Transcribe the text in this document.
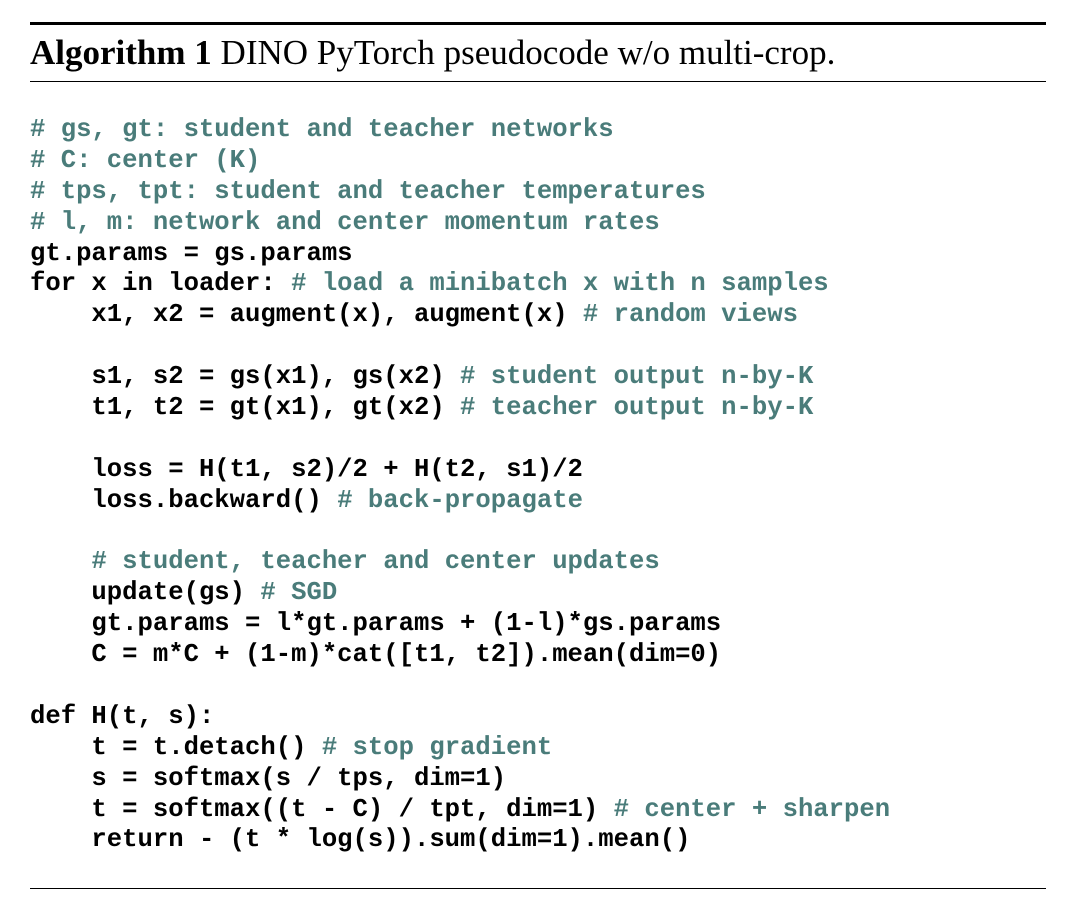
Algorithm 1 DINO PyTorch pseudocode w/o multi-crop.
# gs, gt: student and teacher networks
# C: center (K)
# tps, tpt: student and teacher temperatures
# l, m: network and center momentum rates
gt.params = gs.params
for x in loader: # load a minibatch x with n samples
x1, x2 = augment(x), augment(x) # random views
s1, s2 = gs(x1), gs(x2) # student output n-by-K
t1, t2 = gt(x1), gt(x2) # teacher output n-by-K
loss = H(t1, s2)/2 + H(t2, s1)/2
loss.backward() # back-propagate
# student, teacher and center updates
update(gs) # SGD
gt.params = l*gt.params + (1-l)*gs.params
C = m*C + (1-m)*cat([t1, t2]).mean(dim=0)
def H(t, s):
t = t.detach() # stop gradient
s = softmax(s / tps, dim=1)
t = softmax((t - C) / tpt, dim=1) # center + sharpen
return - (t * log(s)).sum(dim=1).mean()
